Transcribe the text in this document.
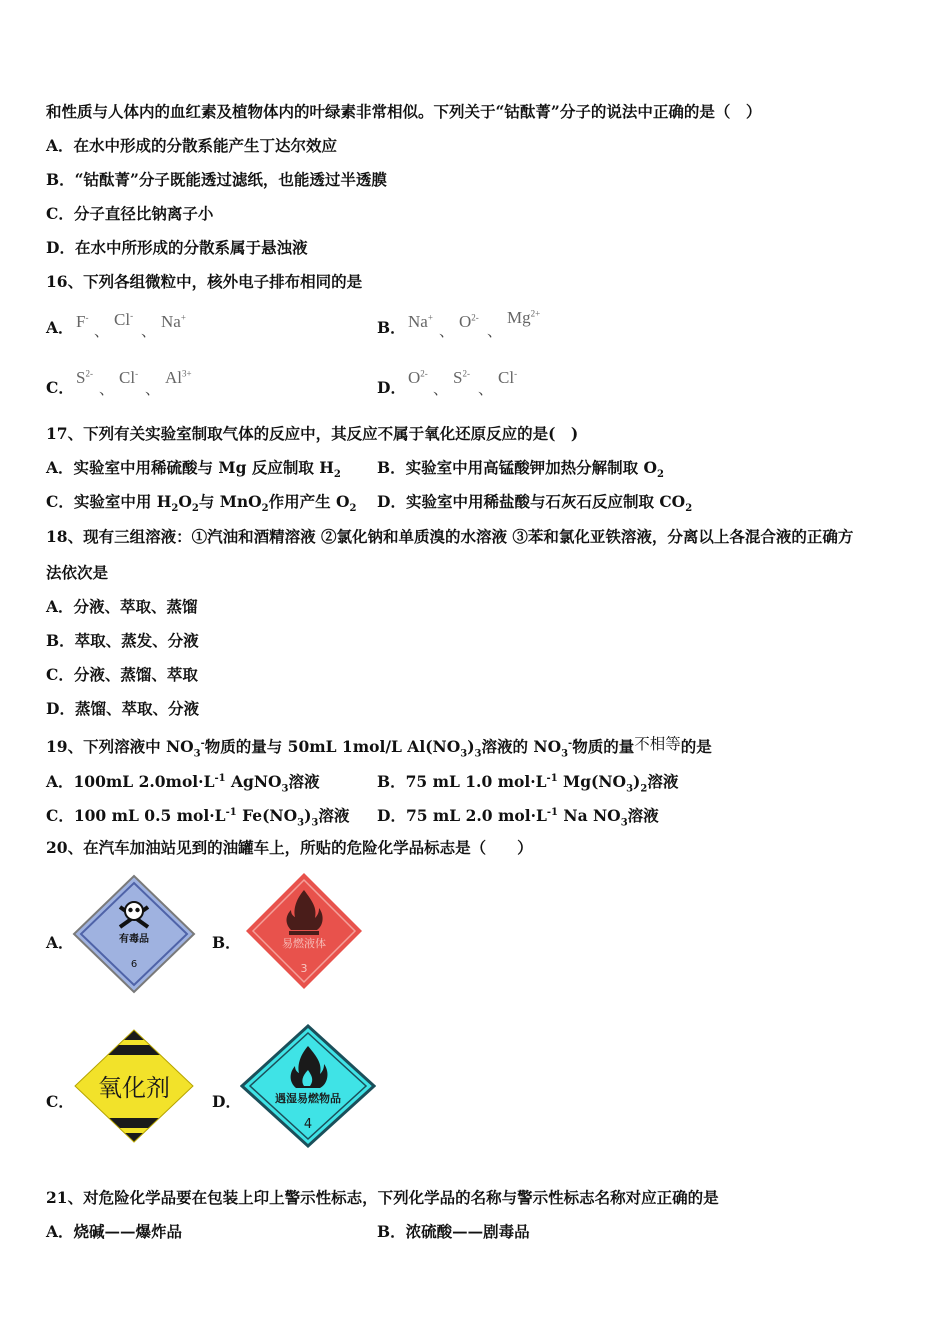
和性质与人体内的血红素及植物体内的叶绿素非常相似。下列关于“钴酞菁”分子的说法中正确的是（　）
A．在水中形成的分散系能产生丁达尔效应
B．“钴酞菁”分子既能透过滤纸，也能透过半透膜
C．分子直径比钠离子小
D．在水中所形成的分散系属于悬浊液
16、下列各组微粒中，核外电子排布相同的是
A． F-
、
Cl-
、 Na+
B． Na+
、 $O^{2-}$
、
$Mg^{2+}$
C．
$S^{2-}$
、
Cl-
、
$Al^{3+}$
D．
$O^{2-}$
、
$S^{2-}$
、
Cl-
17、下列有关实验室制取气体的反应中，其反应不属于氧化还原反应的是(　)
A．实验室中用稀硫酸与 Mg 反应制取 $H_2$ B．实验室中用高锰酸钾加热分解制取 $O_2$
C．实验室中用 $H_2O_2$与 MnO$_2$作用产生 $O_2$ D．实验室中用稀盐酸与石灰石反应制取 $CO_2$
18、现有三组溶液：①汽油和酒精溶液 ②氯化钠和单质溴的水溶液 ③苯和氯化亚铁溶液，分离以上各混合液的正确方
法依次是
A．分液、萃取、蒸馏
B．萃取、蒸发、分液
C．分液、蒸馏、萃取
D．蒸馏、萃取、分液
19、下列溶液中 $NO_3^-$物质的量与 50mL 1mol/L $Al(NO_3)_3$溶液的 $NO_3^-$物质的量不相等的是
A．100mL $2.0mol\cdot L^{-1}$ AgNO$_3$溶液	B．75 mL 1.0 $mol\cdot L^{-1}$ $Mg(NO_3)_2$溶液
C．100 mL 0.5 $mol\cdot L^{-1}$ $Fe(NO_3)_3$溶液 D．75 mL 2.0 $mol\cdot L^{-1}$ Na $NO_3$溶液
20、在汽车加油站见到的油罐车上，所贴的危险化学品标志是（　　）
A．	有毒品
6
B．	易燃液体
3
C． 氧化剂	D．	遇湿易燃物品
4
21、对危险化学品要在包装上印上警示性标志，下列化学品的名称与警示性标志名称对应正确的是
A．烧碱——爆炸品	B．浓硫酸——剧毒品
